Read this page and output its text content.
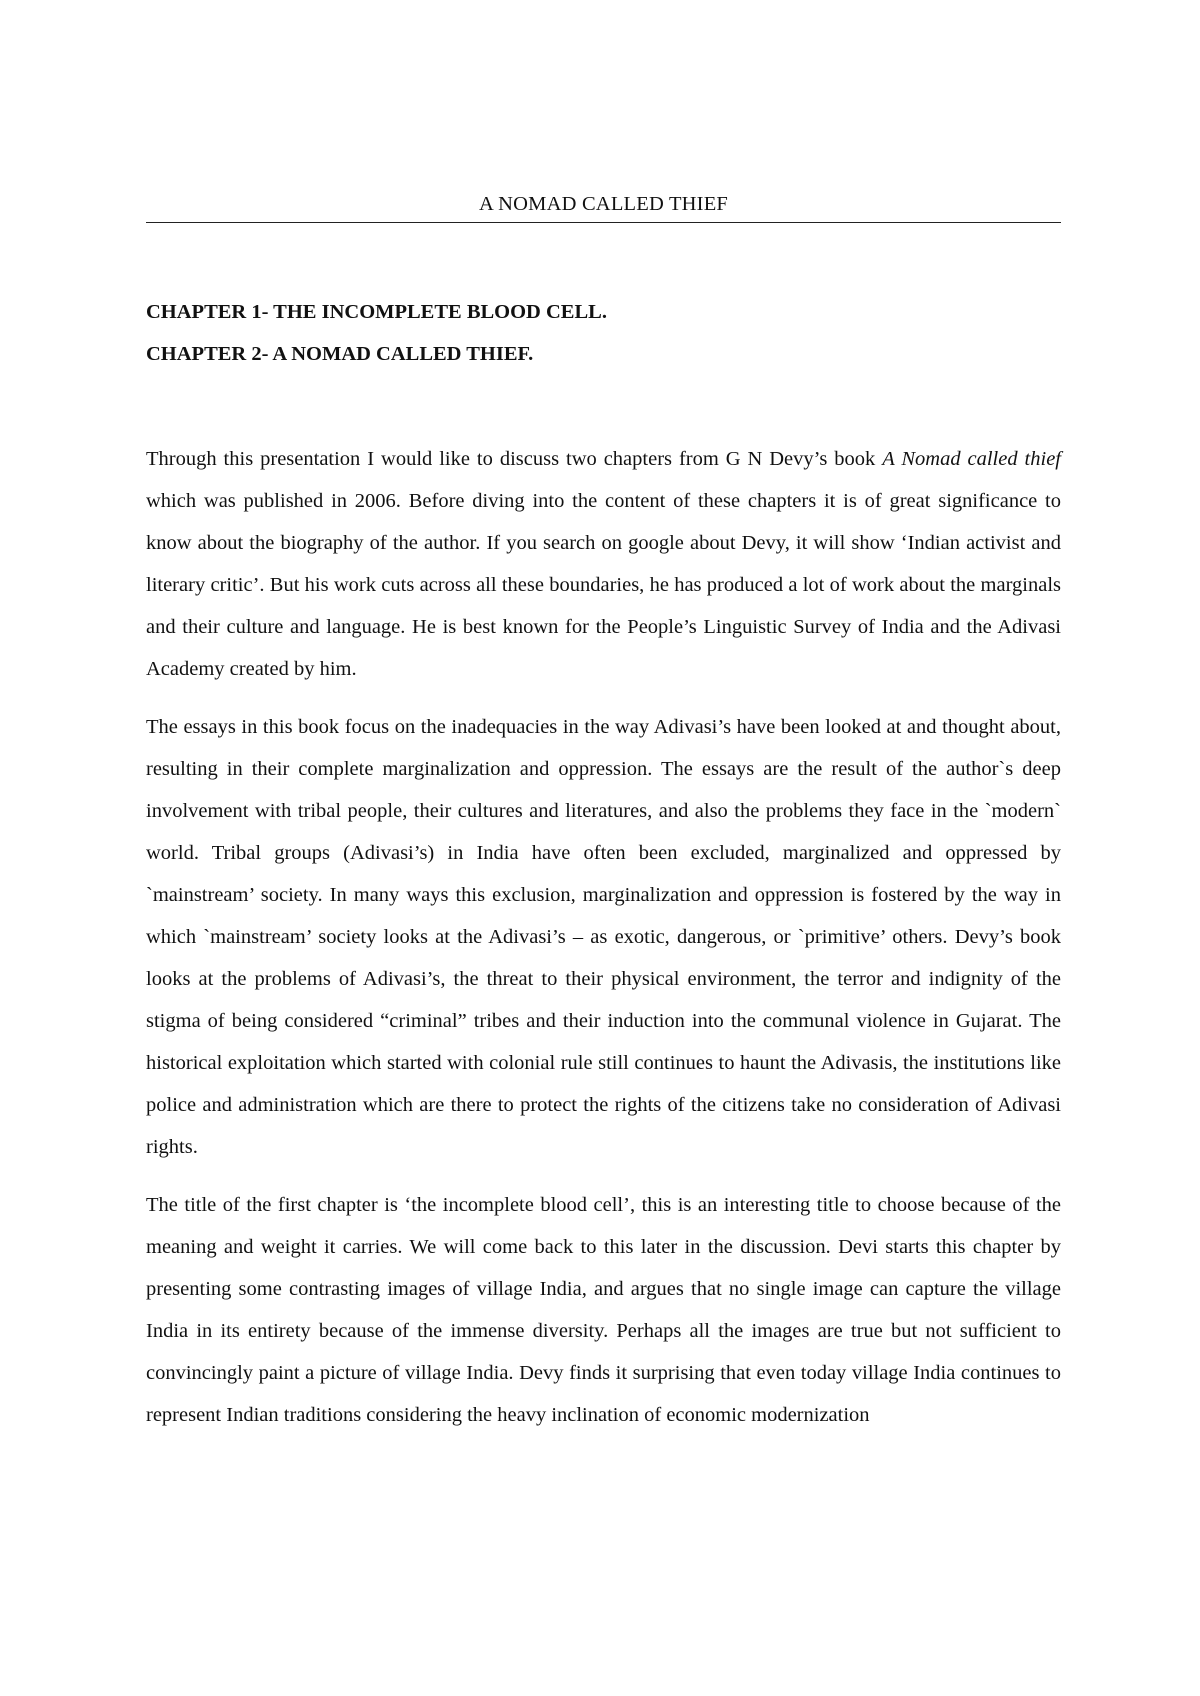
A NOMAD CALLED THIEF

CHAPTER 1- THE INCOMPLETE BLOOD CELL.

CHAPTER 2- A NOMAD CALLED THIEF.

Through this presentation I would like to discuss two chapters from G N Devy’s book A Nomad called thief which was published in 2006. Before diving into the content of these chapters it is of great significance to know about the biography of the author. If you search on google about Devy, it will show ‘Indian activist and literary critic’. But his work cuts across all these boundaries, he has produced a lot of work about the marginals and their culture and language. He is best known for the People’s Linguistic Survey of India and the Adivasi Academy created by him.

The essays in this book focus on the inadequacies in the way Adivasi’s have been looked at and thought about, resulting in their complete marginalization and oppression. The essays are the result of the author`s deep involvement with tribal people, their cultures and literatures, and also the problems they face in the `modern` world. Tribal groups (Adivasi’s) in India have often been excluded, marginalized and oppressed by `mainstream’ society. In many ways this exclusion, marginalization and oppression is fostered by the way in which `mainstream’ society looks at the Adivasi’s – as exotic, dangerous, or `primitive’ others. Devy’s book looks at the problems of Adivasi’s, the threat to their physical environment, the terror and indignity of the stigma of being considered “criminal” tribes and their induction into the communal violence in Gujarat. The historical exploitation which started with colonial rule still continues to haunt the Adivasis, the institutions like police and administration which are there to protect the rights of the citizens take no consideration of Adivasi rights.

The title of the first chapter is ‘the incomplete blood cell’, this is an interesting title to choose because of the meaning and weight it carries. We will come back to this later in the discussion. Devi starts this chapter by presenting some contrasting images of village India, and argues that no single image can capture the village India in its entirety because of the immense diversity. Perhaps all the images are true but not sufficient to convincingly paint a picture of village India. Devy finds it surprising that even today village India continues to represent Indian traditions considering the heavy inclination of economic modernization
